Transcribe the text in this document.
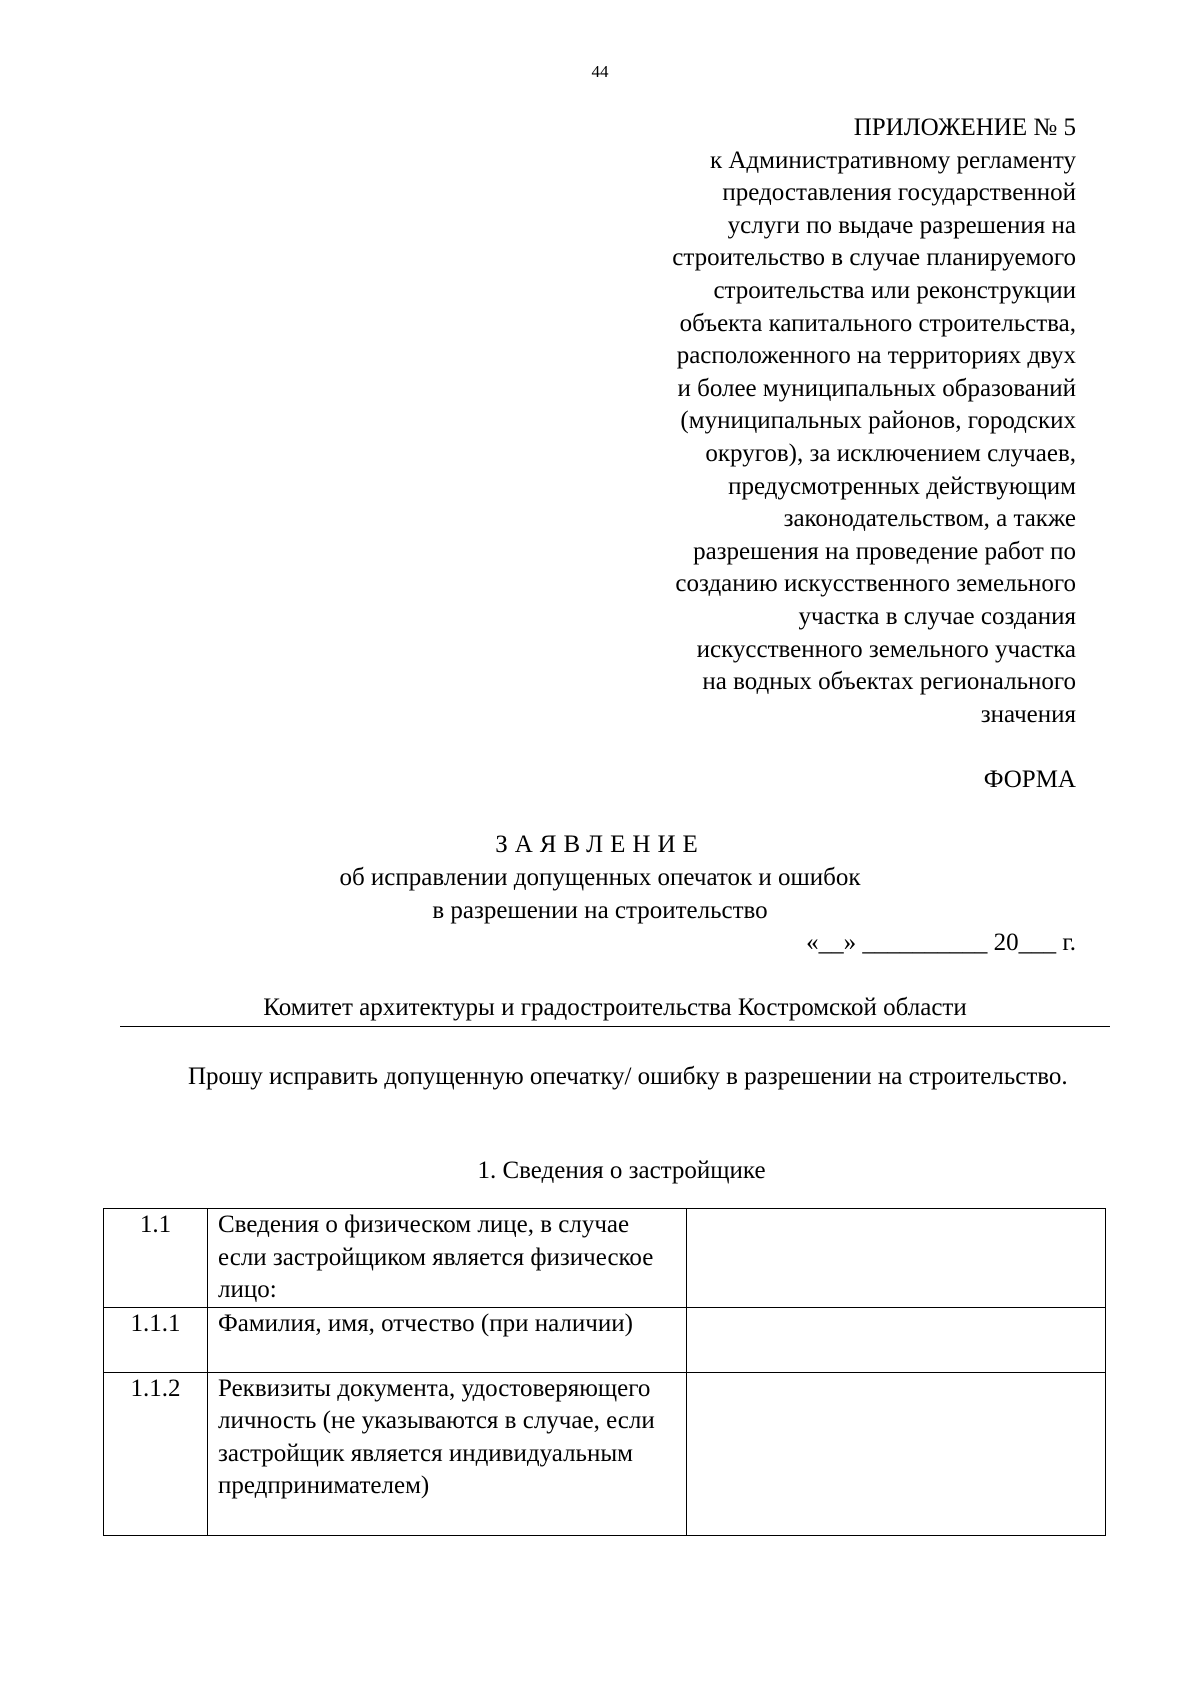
44
ПРИЛОЖЕНИЕ № 5
к Административному регламенту
предоставления государственной
услуги по выдаче разрешения на
строительство в случае планируемого
строительства или реконструкции
объекта капитального строительства,
расположенного на территориях двух
и более муниципальных образований
(муниципальных районов, городских
округов), за исключением случаев,
предусмотренных действующим
законодательством, а также
разрешения на проведение работ по
созданию искусственного земельного
участка в случае создания
искусственного земельного участка
на водных объектах регионального
значения
ФОРМА
ЗАЯВЛЕНИЕ
об исправлении допущенных опечаток и ошибок
в разрешении на строительство
«__» __________ 20___ г.
Комитет архитектуры и градостроительства Костромской области
Прошу исправить допущенную опечатку/ ошибку в разрешении на строительство.
1. Сведения о застройщике
1.1	Сведения о физическом лице, в случае если застройщиком является физическое лицо:	
1.1.1	Фамилия, имя, отчество (при наличии)	
1.1.2	Реквизиты документа, удостоверяющего личность (не указываются в случае, если застройщик является индивидуальным предпринимателем)	
